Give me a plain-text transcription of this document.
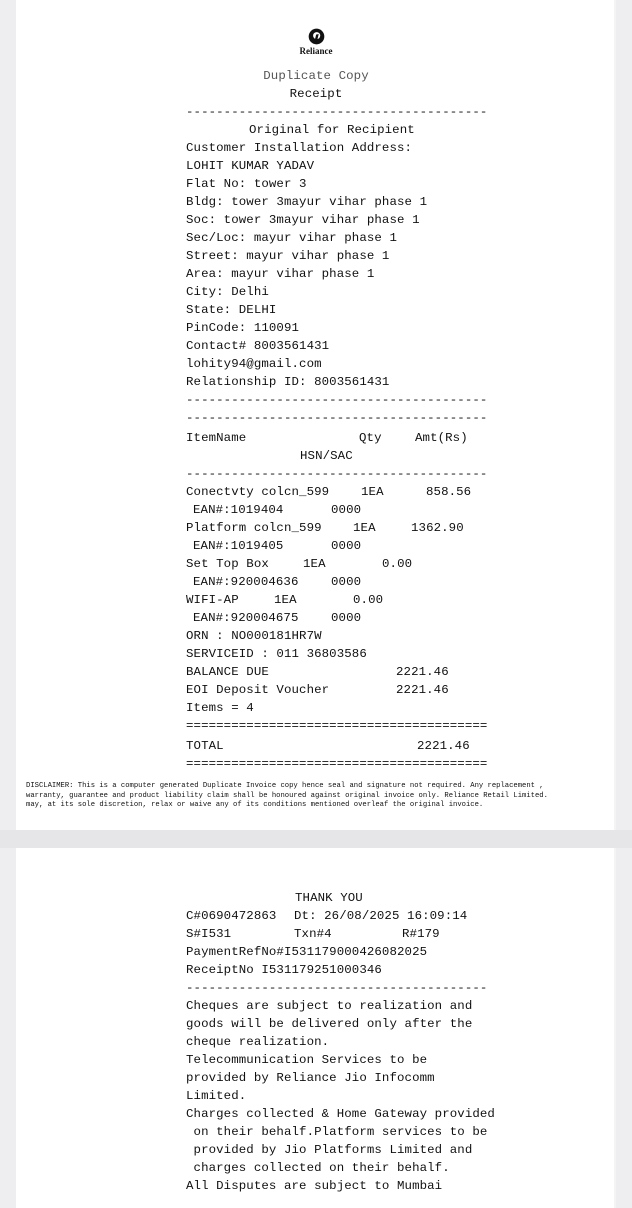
Reliance
Duplicate Copy
Receipt
----------------------------------------
Original for Recipient
Customer Installation Address:
LOHIT KUMAR YADAV
Flat No: tower 3
Bldg: tower 3mayur vihar phase 1
Soc: tower 3mayur vihar phase 1
Sec/Loc: mayur vihar phase 1
Street: mayur vihar phase 1
Area: mayur vihar phase 1
City: Delhi
State: DELHI
PinCode: 110091
Contact# 8003561431
lohity94@gmail.com
Relationship ID: 8003561431
----------------------------------------
----------------------------------------
ItemName	Qty	Amt(Rs)
HSN/SAC
----------------------------------------
Conectvty colcn_599	1EA	858.56
EAN#:1019404	0000
Platform colcn_599	1EA	1362.90
EAN#:1019405	0000
Set Top Box	1EA	0.00
EAN#:920004636	0000
WIFI-AP	1EA	0.00
EAN#:920004675	0000
ORN : NO000181HR7W
SERVICEID : 011 36803586
BALANCE DUE	2221.46
EOI Deposit Voucher	2221.46
Items = 4
========================================
TOTAL	2221.46
========================================
DISCLAIMER: This is a computer generated Duplicate Invoice copy hence seal and signature not required. Any replacement ,
warranty, guarantee and product liability claim shall be honoured against original invoice only. Reliance Retail Limited.
may, at its sole discretion, relax or waive any of its conditions mentioned overleaf the original invoice.
THANK YOU
C#0690472863 Dt: 26/08/2025 16:09:14
S#I531	Txn#4	R#179
PaymentRefNo#I531179000426082025
ReceiptNo I531179251000346
----------------------------------------
Cheques are subject to realization and
goods will be delivered only after the
cheque realization.
Telecommunication Services to be
provided by Reliance Jio Infocomm
Limited.
Charges collected & Home Gateway provided
on their behalf.Platform services to be
provided by Jio Platforms Limited and
charges collected on their behalf.
All Disputes are subject to Mumbai
